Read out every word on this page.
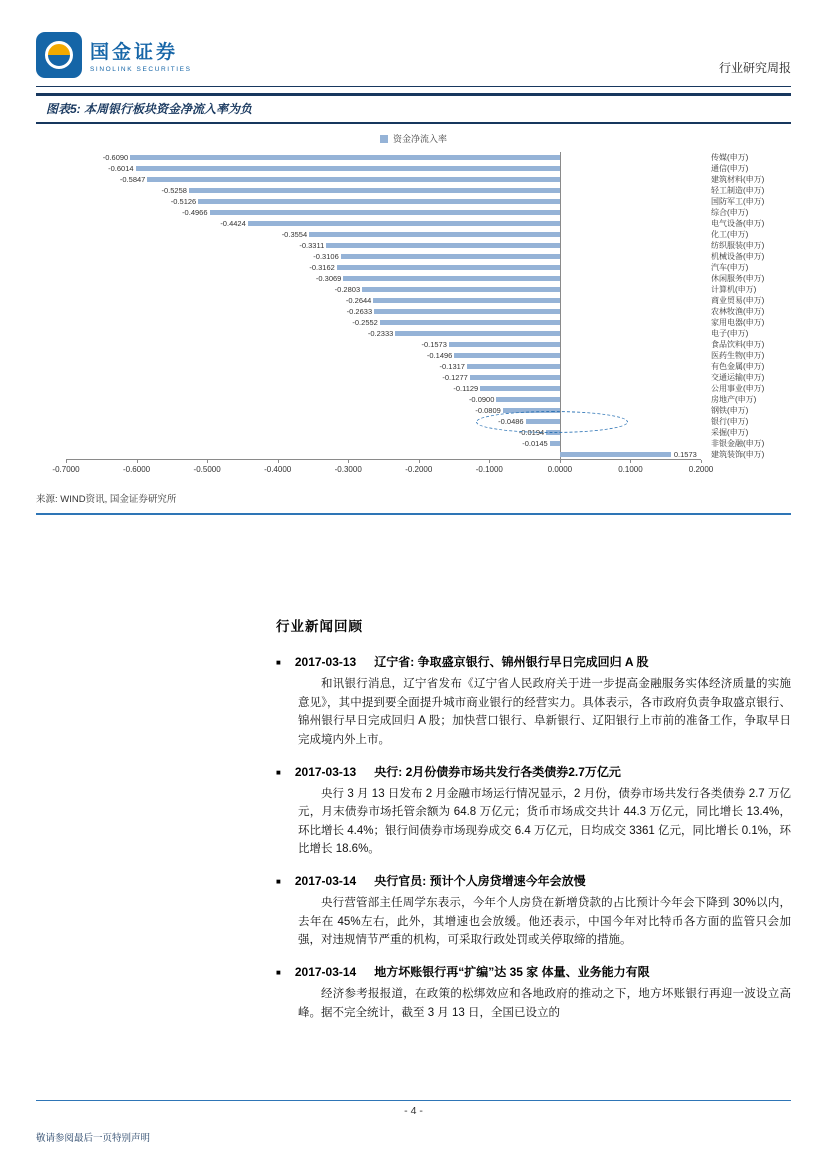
国金证券
SINOLINK SECURITIES	行业研究周报
图表5: 本周银行板块资金净流入率为负
资金净流入率
-0.6090	传媒(申万)
-0.6014	通信(申万)
-0.5847	建筑材料(申万)
-0.5258	轻工制造(申万)
-0.5126	国防军工(申万)
-0.4966	综合(申万)
-0.4424	电气设备(申万)
-0.3554	化工(申万)
-0.3311	纺织服装(申万)
-0.3106	机械设备(申万)
-0.3162	汽车(申万)
-0.3069	休闲服务(申万)
-0.2803	计算机(申万)
-0.2644	商业贸易(申万)
-0.2633	农林牧渔(申万)
-0.2552	家用电器(申万)
-0.2333	电子(申万)
-0.1573	食品饮料(申万)
-0.1496	医药生物(申万)
-0.1317	有色金属(申万)
-0.1277	交通运输(申万)
-0.1129	公用事业(申万)
-0.0900	房地产(申万)
-0.0809	钢铁(申万)
-0.0486	银行(申万)
-0.0194	采掘(申万)
-0.0145	非银金融(申万)
0.1573	建筑装饰(申万)
-0.7000	-0.6000	-0.5000	-0.4000	-0.3000	-0.2000	-0.1000	0.0000	0.1000	0.2000
来源: WIND资讯, 国金证券研究所
行业新闻回顾
■ 2017-03-13 辽宁省: 争取盛京银行、锦州银行早日完成回归 A 股

和讯银行消息，辽宁省发布《辽宁省人民政府关于进一步提高金融服务实体经济质量的实施意见》，其中提到要全面提升城市商业银行的经营实力。具体表示，各市政府负责争取盛京银行、锦州银行早日完成回归 A 股；加快营口银行、阜新银行、辽阳银行上市前的准备工作，争取早日完成境内外上市。

■ 2017-03-13 央行: 2月份债券市场共发行各类债券2.7万亿元

央行 3 月 13 日发布 2 月金融市场运行情况显示，2 月份，债券市场共发行各类债券 2.7 万亿元，月末债券市场托管余额为 64.8 万亿元；货币市场成交共计 44.3 万亿元，同比增长 13.4%，环比增长 4.4%；银行间债券市场现券成交 6.4 万亿元，日均成交 3361 亿元，同比增长 0.1%，环比增长 18.6%。

■ 2017-03-14 央行官员: 预计个人房贷增速今年会放慢

央行营管部主任周学东表示，今年个人房贷在新增贷款的占比预计今年会下降到 30%以内，去年在 45%左右，此外，其增速也会放缓。他还表示，中国今年对比特币各方面的监管只会加强，对违规情节严重的机构，可采取行政处罚或关停取缔的措施。

■ 2017-03-14 地方坏账银行再“扩编”达 35 家 体量、业务能力有限

经济参考报报道，在政策的松绑效应和各地政府的推动之下，地方坏账银行再迎一波设立高峰。据不完全统计，截至 3 月 13 日，全国已设立的

- 4 -
敬请参阅最后一页特别声明
